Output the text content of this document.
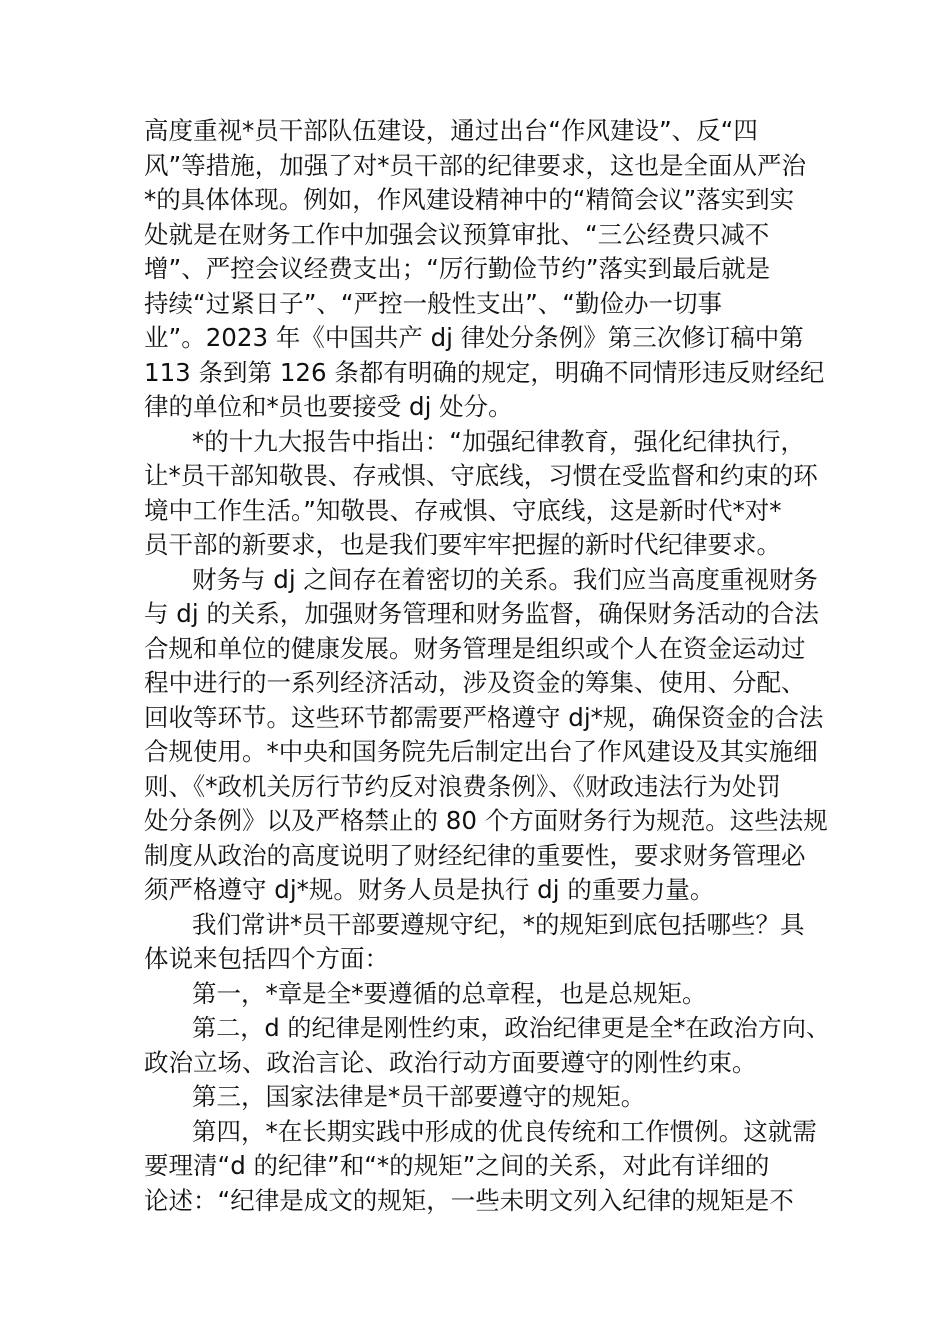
高度重视*员干部队伍建设，通过出台“作风建设”、反“四
风”等措施，加强了对*员干部的纪律要求，这也是全面从严治
*的具体体现。例如，作风建设精神中的“精简会议”落实到实
处就是在财务工作中加强会议预算审批、“三公经费只减不
增”、严控会议经费支出；“厉行勤俭节约”落实到最后就是
持续“过紧日子”、“严控一般性支出”、“勤俭办一切事
业”。2023 年《中国共产 dj 律处分条例》第三次修订稿中第
113 条到第 126 条都有明确的规定，明确不同情形违反财经纪
律的单位和*员也要接受 dj 处分。
*的十九大报告中指出：“加强纪律教育，强化纪律执行，
让*员干部知敬畏、存戒惧、守底线，习惯在受监督和约束的环
境中工作生活。”知敬畏、存戒惧、守底线，这是新时代*对*
员干部的新要求，也是我们要牢牢把握的新时代纪律要求。
财务与 dj 之间存在着密切的关系。我们应当高度重视财务
与 dj 的关系，加强财务管理和财务监督，确保财务活动的合法
合规和单位的健康发展。财务管理是组织或个人在资金运动过
程中进行的一系列经济活动，涉及资金的筹集、使用、分配、
回收等环节。这些环节都需要严格遵守 dj*规，确保资金的合法
合规使用。*中央和国务院先后制定出台了作风建设及其实施细
则、《*政机关厉行节约反对浪费条例》、《财政违法行为处罚
处分条例》以及严格禁止的 80 个方面财务行为规范。这些法规
制度从政治的高度说明了财经纪律的重要性，要求财务管理必
须严格遵守 dj*规。财务人员是执行 dj 的重要力量。
我们常讲*员干部要遵规守纪，*的规矩到底包括哪些？具
体说来包括四个方面：
第一，*章是全*要遵循的总章程，也是总规矩。
第二，d 的纪律是刚性约束，政治纪律更是全*在政治方向、
政治立场、政治言论、政治行动方面要遵守的刚性约束。
第三，国家法律是*员干部要遵守的规矩。
第四，*在长期实践中形成的优良传统和工作惯例。这就需
要理清“d 的纪律”和“*的规矩”之间的关系，对此有详细的
论述：“纪律是成文的规矩，一些未明文列入纪律的规矩是不
